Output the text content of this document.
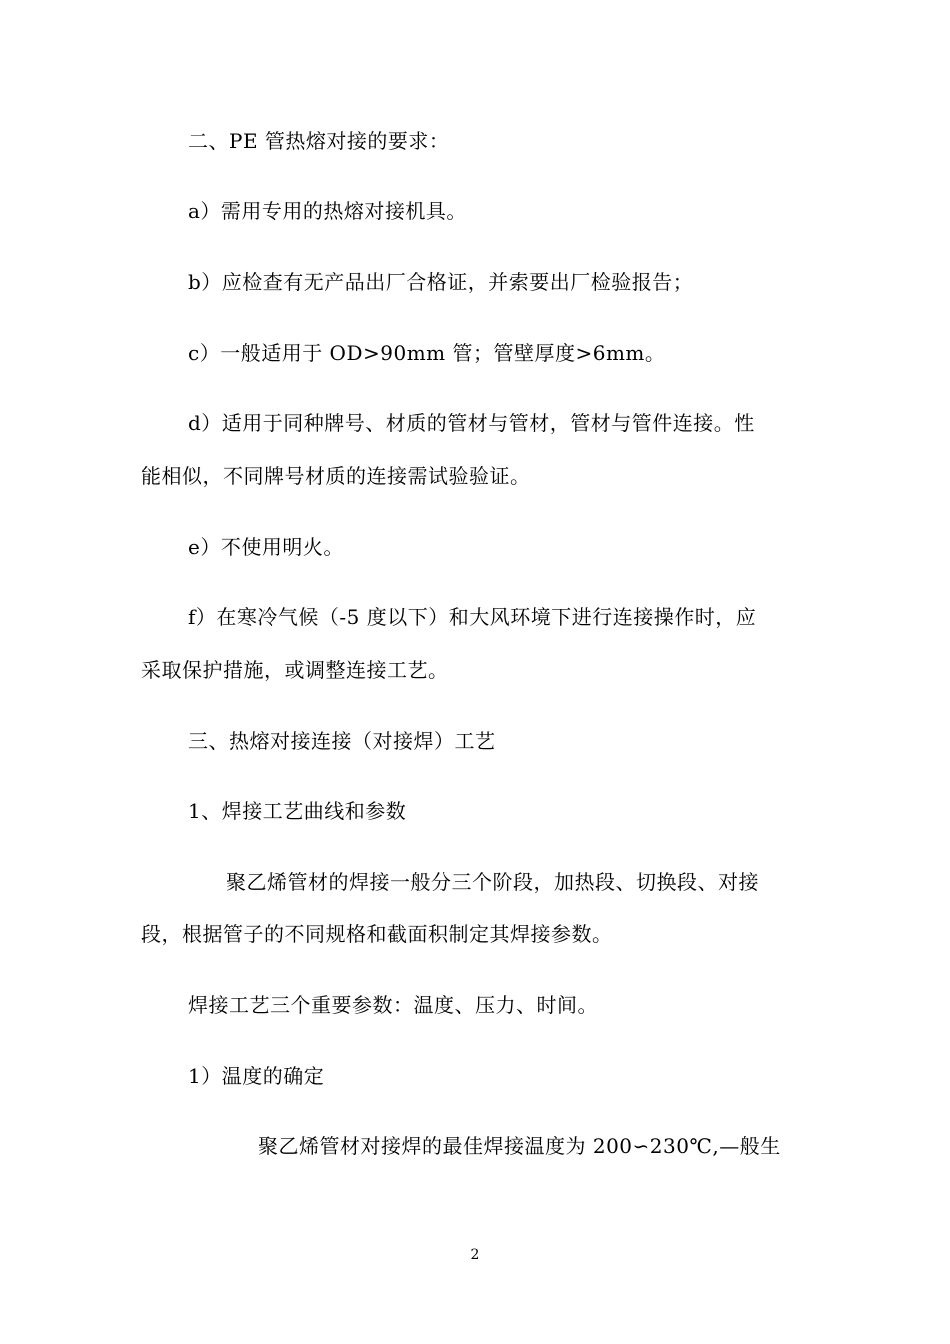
二、PE 管热熔对接的要求：
a）需用专用的热熔对接机具。
b）应检查有无产品出厂合格证，并索要出厂检验报告；
c）一般适用于 OD>90mm 管；管壁厚度>6mm。
d）适用于同种牌号、材质的管材与管材，管材与管件连接。性
能相似，不同牌号材质的连接需试验验证。
e）不使用明火。
f）在寒冷气候（-5 度以下）和大风环境下进行连接操作时，应
采取保护措施，或调整连接工艺。
三、热熔对接连接（对接焊）工艺
1、焊接工艺曲线和参数
聚乙烯管材的焊接一般分三个阶段，加热段、切换段、对接
段，根据管子的不同规格和截面积制定其焊接参数。
焊接工艺三个重要参数：温度、压力、时间。
1）温度的确定
聚乙烯管材对接焊的最佳焊接温度为 200∽230℃,—般生
2
